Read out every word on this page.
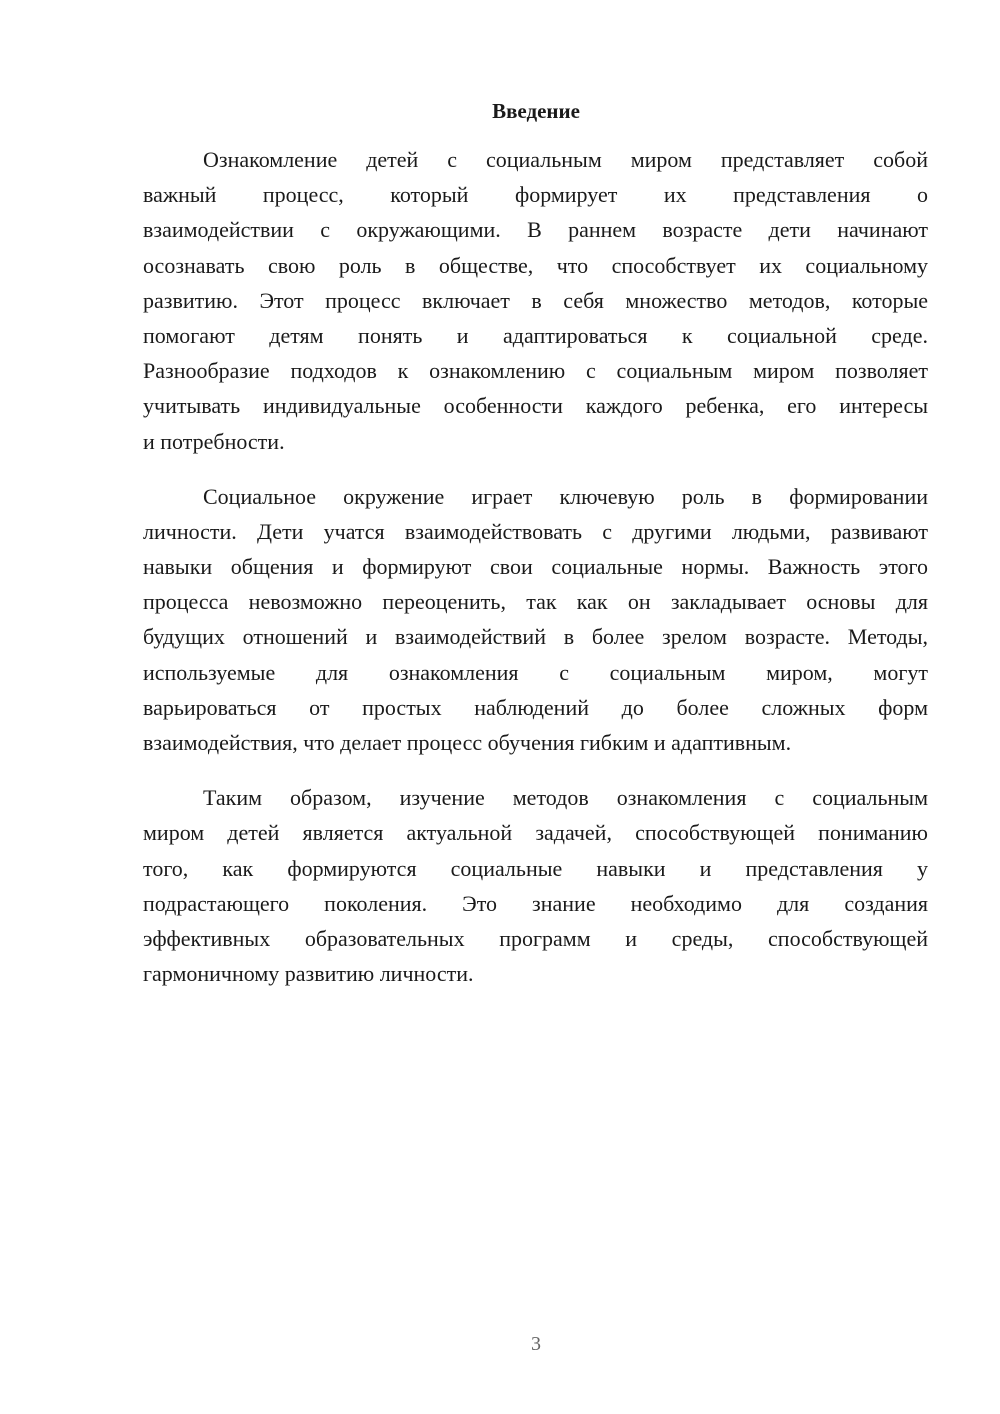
Введение
Ознакомление детей с социальным миром представляет собой
важный процесс, который формирует их представления о
взаимодействии с окружающими. В раннем возрасте дети начинают
осознавать свою роль в обществе, что способствует их социальному
развитию. Этот процесс включает в себя множество методов, которые
помогают детям понять и адаптироваться к социальной среде.
Разнообразие подходов к ознакомлению с социальным миром позволяет
учитывать индивидуальные особенности каждого ребенка, его интересы
и потребности.
Социальное окружение играет ключевую роль в формировании
личности. Дети учатся взаимодействовать с другими людьми, развивают
навыки общения и формируют свои социальные нормы. Важность этого
процесса невозможно переоценить, так как он закладывает основы для
будущих отношений и взаимодействий в более зрелом возрасте. Методы,
используемые для ознакомления с социальным миром, могут
варьироваться от простых наблюдений до более сложных форм
взаимодействия, что делает процесс обучения гибким и адаптивным.
Таким образом, изучение методов ознакомления с социальным
миром детей является актуальной задачей, способствующей пониманию
того, как формируются социальные навыки и представления у
подрастающего поколения. Это знание необходимо для создания
эффективных образовательных программ и среды, способствующей
гармоничному развитию личности.
3
